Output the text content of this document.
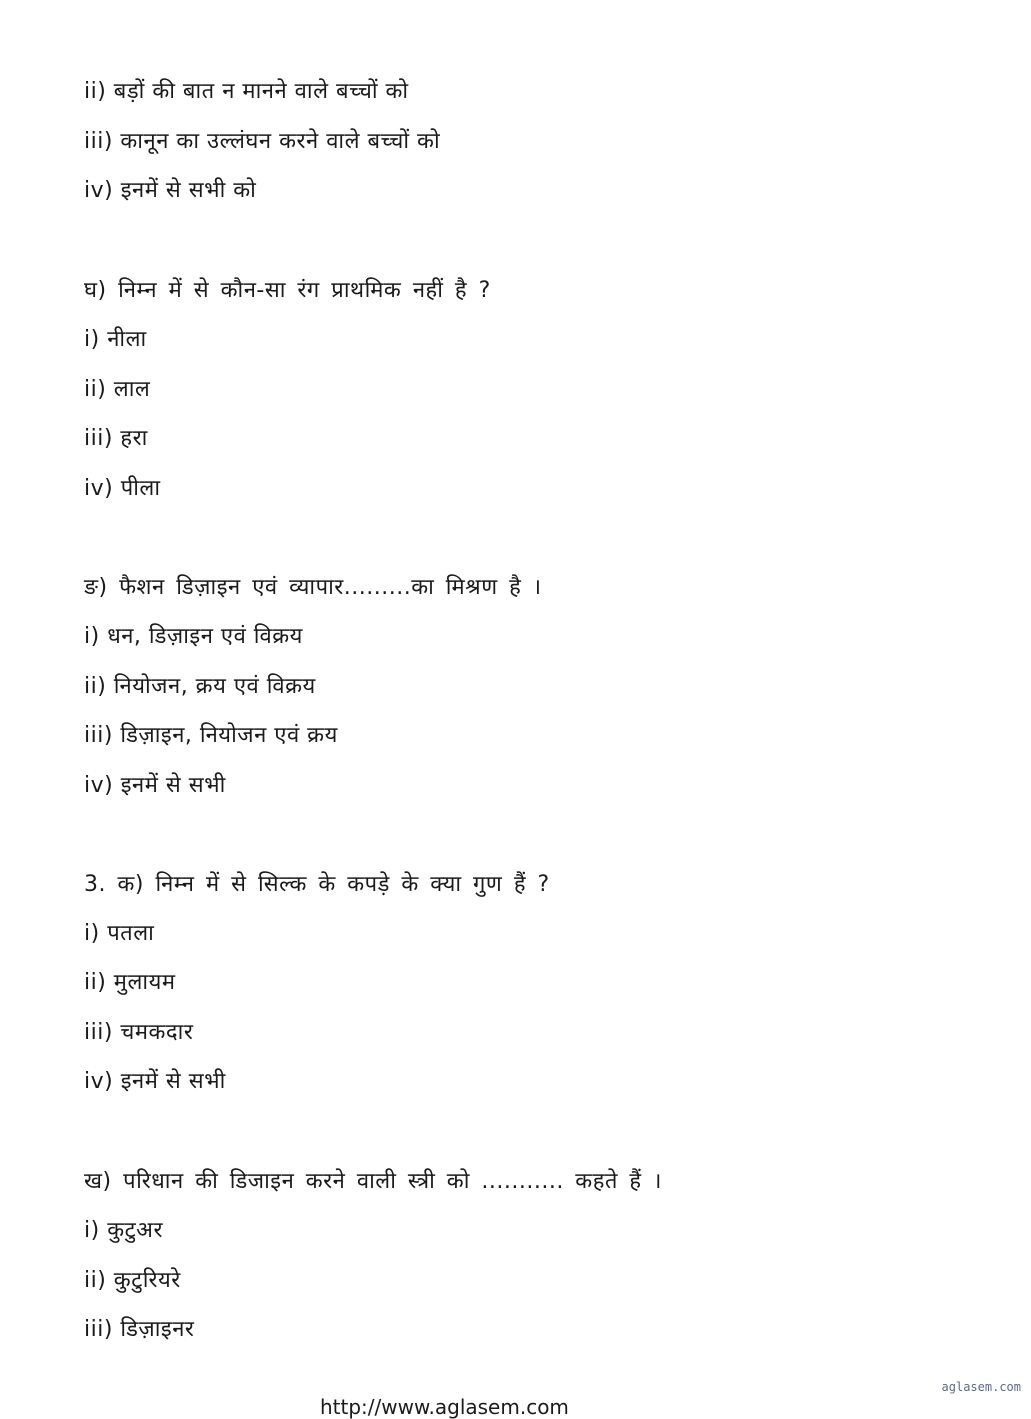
ii) बड़ों की बात न मानने वाले बच्चों को
iii) कानून का उल्लंघन करने वाले बच्चों को
iv) इनमें से सभी को
घ) निम्न में से कौन-सा रंग प्राथमिक नहीं है ?
i) नीला
ii) लाल
iii) हरा
iv) पीला
ङ) फैशन डिज़ाइन एवं व्यापार.........का मिश्रण है ।
i) धन, डिज़ाइन एवं विक्रय
ii) नियोजन, क्रय एवं विक्रय
iii) डिज़ाइन, नियोजन एवं क्रय
iv) इनमें से सभी
3. क) निम्न में से सिल्क के कपड़े के क्या गुण हैं ?
i) पतला
ii) मुलायम
iii) चमकदार
iv) इनमें से सभी
ख) परिधान की डिजाइन करने वाली स्त्री को ........... कहते हैं ।
i) कुटुअर
ii) कुटुरियरे
iii) डिज़ाइनर
aglasem.com
http://www.aglasem.com
